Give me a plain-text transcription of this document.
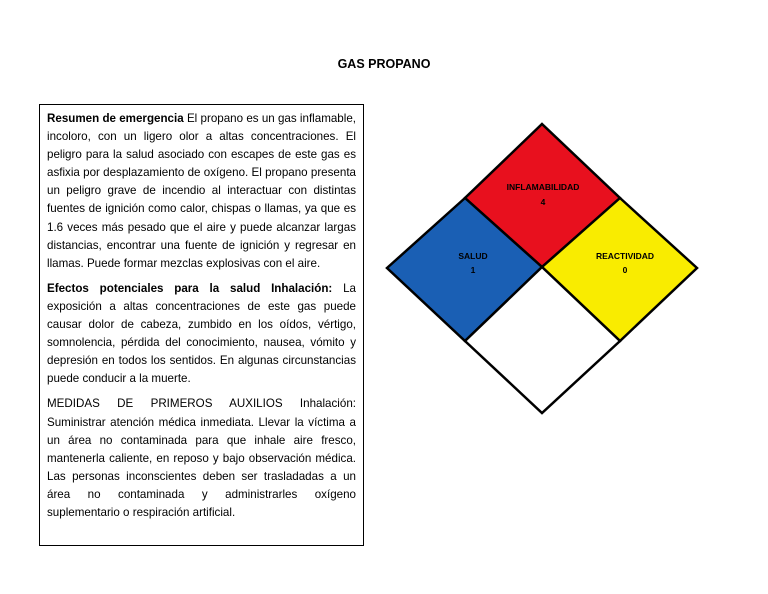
GAS PROPANO

Resumen de emergencia El propano es un gas inflamable, incoloro, con un ligero olor a altas concentraciones. El peligro para la salud asociado con escapes de este gas es asfixia por desplazamiento de oxígeno. El propano presenta un peligro grave de incendio al interactuar con distintas fuentes de ignición como calor, chispas o llamas, ya que es 1.6 veces más pesado que el aire y puede alcanzar largas distancias, encontrar una fuente de ignición y regresar en llamas. Puede formar mezclas explosivas con el aire.

Efectos potenciales para la salud Inhalación: La exposición a altas concentraciones de este gas puede causar dolor de cabeza, zumbido en los oídos, vértigo, somnolencia, pérdida del conocimiento, nausea, vómito y depresión en todos los sentidos. En algunas circunstancias puede conducir a la muerte.

MEDIDAS DE PRIMEROS AUXILIOS Inhalación: Suministrar atención médica inmediata. Llevar la víctima a un área no contaminada para que inhale aire fresco, mantenerla caliente, en reposo y bajo observación médica. Las personas inconscientes deben ser trasladadas a un área no contaminada y administrarles oxígeno suplementario o respiración artificial.

INFLAMABILIDAD
4
SALUD
1
REACTIVIDAD
0
